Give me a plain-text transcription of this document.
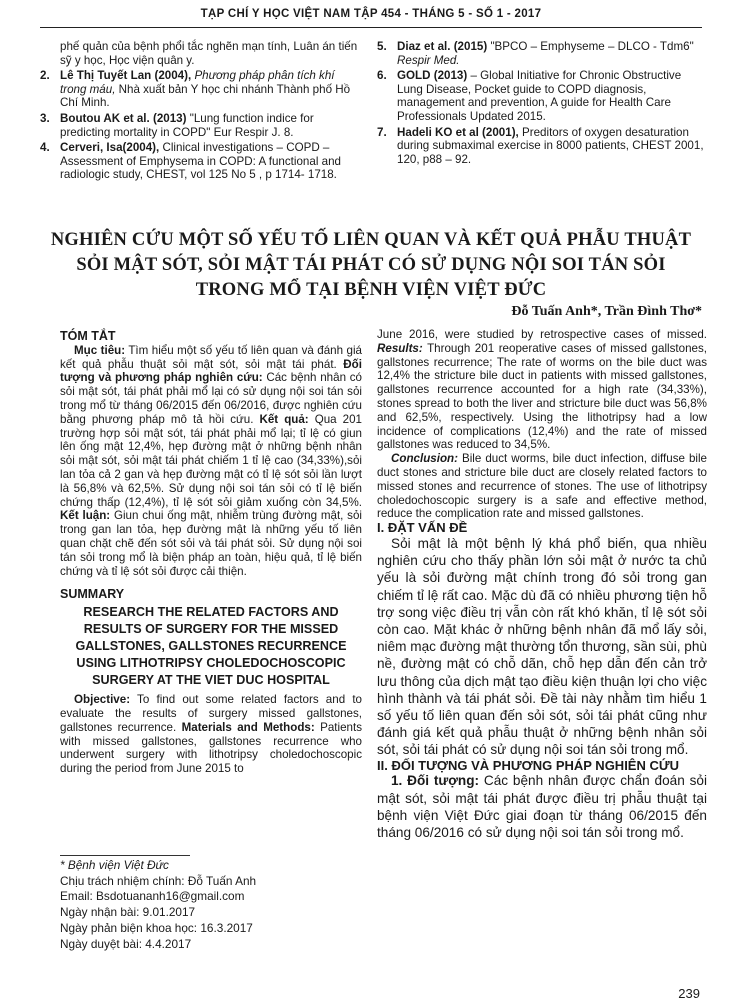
TẠP CHÍ Y HỌC VIỆT NAM TẬP 454 - THÁNG 5 - SỐ 1 - 2017

phế quản của bệnh phổi tắc nghẽn mạn tính, Luân án tiến sỹ y học, Học viện quân y.

2. Lê Thị Tuyết Lan (2004), Phương pháp phân tích khí trong máu, Nhà xuất bản Y học chi nhánh Thành phố Hồ Chí Minh.
3. Boutou AK et al. (2013) "Lung function indice for predicting mortality in COPD" Eur Respir J. 8.
4. Cerveri, Isa(2004), Clinical investigations – COPD – Assessment of Emphysema in COPD: A functional and radiologic study, CHEST, vol 125 No 5 , p 1714- 1718.
5. Diaz et al. (2015) "BPCO – Emphyseme – DLCO - Tdm6" Respir Med.
6. GOLD (2013) – Global Initiative for Chronic Obstructive Lung Disease, Pocket guide to COPD diagnosis, management and prevention, A guide for Health Care Professionals Updated 2015.
7. Hadeli KO et al (2001), Preditors of oxygen desaturation during submaximal exercise in 8000 patients, CHEST 2001, 120, p88 – 92.
NGHIÊN CỨU MỘT SỐ YẾU TỐ LIÊN QUAN VÀ KẾT QUẢ PHẪU THUẬT
SỎI MẬT SÓT, SỎI MẬT TÁI PHÁT CÓ SỬ DỤNG NỘI SOI TÁN SỎI
TRONG MỔ TẠI BỆNH VIỆN VIỆT ĐỨC
Đỗ Tuấn Anh*, Trần Đình Thơ*

TÓM TẮT

Mục tiêu: Tìm hiểu một số yếu tố liên quan và đánh giá kết quả phẫu thuật sỏi mật sót, sỏi mật tái phát. Đối tượng và phương pháp nghiên cứu: Các bệnh nhân có sỏi mật sót, tái phát phải mổ lại có sử dụng nội soi tán sỏi trong mổ từ tháng 06/2015 đến 06/2016, được nghiên cứu bằng phương pháp mô tả hồi cứu. Kết quả: Qua 201 trường hợp sỏi mật sót, tái phát phải mổ lại; tỉ lệ có giun lên ống mật 12,4%, hẹp đường mật ở những bệnh nhân sỏi mật sót, sỏi mật tái phát chiếm 1 tỉ lệ cao (34,33%),sỏi lan tỏa cả 2 gan và hẹp đường mật có tỉ lệ sót sỏi lần lượt là 56,8% và 62,5%. Sử dụng nội soi tán sỏi có tỉ lệ biến chứng thấp (12,4%), tỉ lệ sót sỏi giảm xuống còn 34,5%. Kết luận: Giun chui ống mật, nhiễm trùng đường mật, sỏi trong gan lan tỏa, hẹp đường mật là những yếu tố liên quan chặt chẽ đến sót sỏi và tái phát sỏi. Sử dụng nội soi tán sỏi trong mổ là biện pháp an toàn, hiệu quả, tỉ lệ biến chứng và tỉ lệ sót sỏi được cải thiện.

SUMMARY

RESEARCH THE RELATED FACTORS AND
RESULTS OF SURGERY FOR THE MISSED
GALLSTONES, GALLSTONES RECURRENCE
USING LITHOTRIPSY CHOLEDOCHOSCOPIC
SURGERY AT THE VIET DUC HOSPITAL

Objective: To find out some related factors and to evaluate the results of surgery missed gallstones, gallstones recurrence. Materials and Methods: Patients with missed gallstones, gallstones recurrence who underwent surgery with lithotripsy choledochoscopic during the period from June 2015 to

June 2016, were studied by retrospective cases of missed. Results: Through 201 reoperative cases of missed gallstones, gallstones recurrence; The rate of worms on the bile duct was 12,4% the stricture bile duct in patients with missed gallstones, gallstones recurrence accounted for a high rate (34,33%), stones spread to both the liver and stricture bile duct was 56,8% and 62,5%, respectively. Using the lithotripsy had a low incidence of complications (12,4%) and the rate of missed gallstones was reduced to 34,5%.

Conclusion: Bile duct worms, bile duct infection, diffuse bile duct stones and stricture bile duct are closely related factors to missed stones and recurrence of stones. The use of lithotripsy choledochoscopic surgery is a safe and effective method, reduce the complication rate and missed gallstones.

I. ĐẶT VẤN ĐỀ

Sỏi mật là một bệnh lý khá phổ biến, qua nhiều nghiên cứu cho thấy phần lớn sỏi mật ở nước ta chủ yếu là sỏi đường mật chính trong đó sỏi trong gan chiếm tỉ lệ rất cao. Mặc dù đã có nhiều phương tiện hỗ trợ song việc điều trị vẫn còn rất khó khăn, tỉ lệ sót sỏi còn cao. Mặt khác ở những bệnh nhân đã mổ lấy sỏi, niêm mạc đường mật thường tổn thương, sần sùi, phù nề, đường mật có chỗ dãn, chỗ hẹp dẫn đến cản trở lưu thông của dịch mật tạo điều kiện thuận lợi cho việc hình thành và tái phát sỏi. Đề tài này nhằm tìm hiểu 1 số yếu tố liên quan đến sỏi sót, sỏi tái phát cũng như đánh giá kết quả phẫu thuật ở những bệnh nhân sỏi sót, sỏi tái phát có sử dụng nội soi tán sỏi trong mổ.

II. ĐỐI TƯỢNG VÀ PHƯƠNG PHÁP NGHIÊN CỨU

1. Đối tượng: Các bệnh nhân được chẩn đoán sỏi mật sót, sỏi mật tái phát được điều trị phẫu thuật tại bệnh viện Việt Đức giai đoạn từ tháng 06/2015 đến tháng 06/2016 có sử dụng nội soi tán sỏi trong mổ.

* Bệnh viện Việt Đức

Chịu trách nhiệm chính: Đỗ Tuấn Anh

Email: Bsdotuananh16@gmail.com

Ngày nhận bài: 9.01.2017

Ngày phản biện khoa học: 16.3.2017

Ngày duyệt bài: 4.4.2017

239
